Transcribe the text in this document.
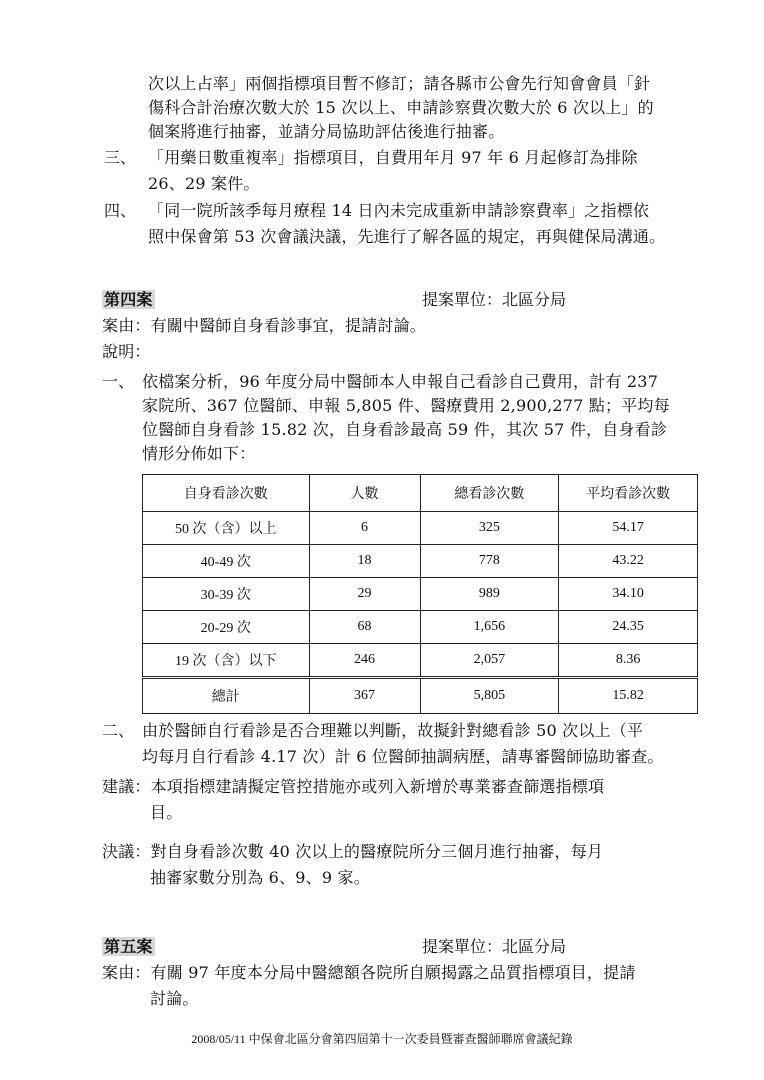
次以上占率」兩個指標項目暫不修訂；請各縣市公會先行知會會員「針
傷科合計治療次數大於 15 次以上、申請診察費次數大於 6 次以上」的
個案將進行抽審，並請分局協助評估後進行抽審。
三、 「用藥日數重複率」指標項目，自費用年月 97 年 6 月起修訂為排除
26、29 案件。
四、 「同一院所該季每月療程 14 日內未完成重新申請診察費率」之指標依
照中保會第 53 次會議決議，先進行了解各區的規定，再與健保局溝通。
第四案	提案單位：北區分局
案由：有關中醫師自身看診事宜，提請討論。
說明：
一、 依檔案分析，96 年度分局中醫師本人申報自己看診自己費用，計有 237
家院所、367 位醫師、申報 5,805 件、醫療費用 2,900,277 點；平均每
位醫師自身看診 15.82 次，自身看診最高 59 件，其次 57 件，自身看診
情形分佈如下：
自身看診次數	人數	總看診次數	平均看診次數
50 次（含）以上	6	325	54.17
40-49 次	18	778	43.22
30-39 次	29	989	34.10
20-29 次	68	1,656	24.35
19 次（含）以下	246	2,057	8.36
總計	367	5,805	15.82
二、 由於醫師自行看診是否合理難以判斷，故擬針對總看診 50 次以上（平
均每月自行看診 4.17 次）計 6 位醫師抽調病歷，請專審醫師協助審查。
建議：本項指標建請擬定管控措施亦或列入新增於專業審查篩選指標項
目。
決議：對自身看診次數 40 次以上的醫療院所分三個月進行抽審，每月
抽審家數分別為 6、9、9 家。
第五案	提案單位：北區分局
案由：有關 97 年度本分局中醫總額各院所自願揭露之品質指標項目，提請
討論。
2008/05/11 中保會北區分會第四屆第十一次委員暨審查醫師聯席會議紀錄
